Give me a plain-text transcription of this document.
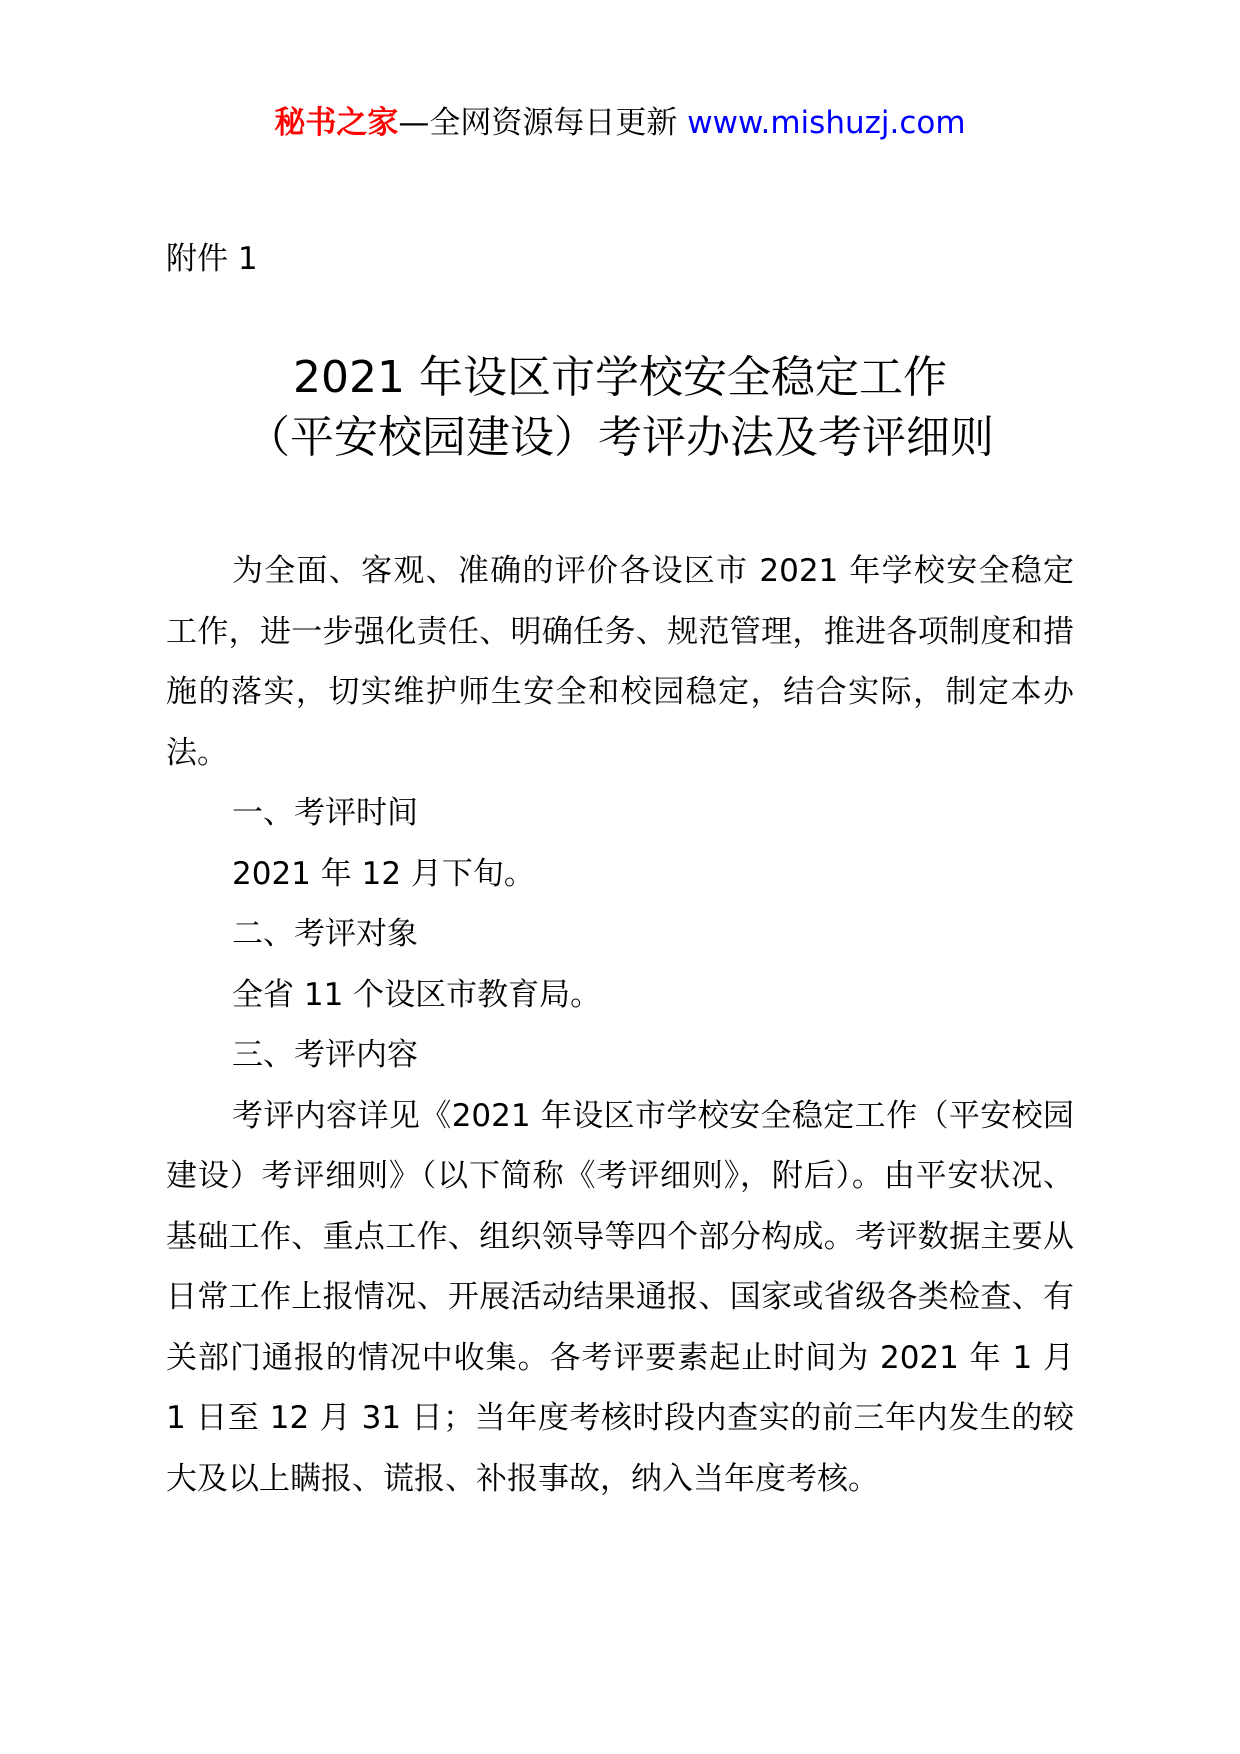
秘书之家—全网资源每日更新 www.mishuzj.com
附件 1
2021 年设区市学校安全稳定工作
（平安校园建设）考评办法及考评细则

为全面、客观、准确的评价各设区市 2021 年学校安全稳定工作，进一步强化责任、明确任务、规范管理，推进各项制度和措施的落实，切实维护师生安全和校园稳定，结合实际，制定本办法。

一、考评时间

2021 年 12 月下旬。

二、考评对象

全省 11 个设区市教育局。

三、考评内容

考评内容详见《2021 年设区市学校安全稳定工作（平安校园建设）考评细则》（以下简称《考评细则》，附后）。由平安状况、基础工作、重点工作、组织领导等四个部分构成。考评数据主要从日常工作上报情况、开展活动结果通报、国家或省级各类检查、有关部门通报的情况中收集。各考评要素起止时间为 2021 年 1 月 1 日至 12 月 31 日；当年度考核时段内查实的前三年内发生的较大及以上瞒报、谎报、补报事故，纳入当年度考核。
